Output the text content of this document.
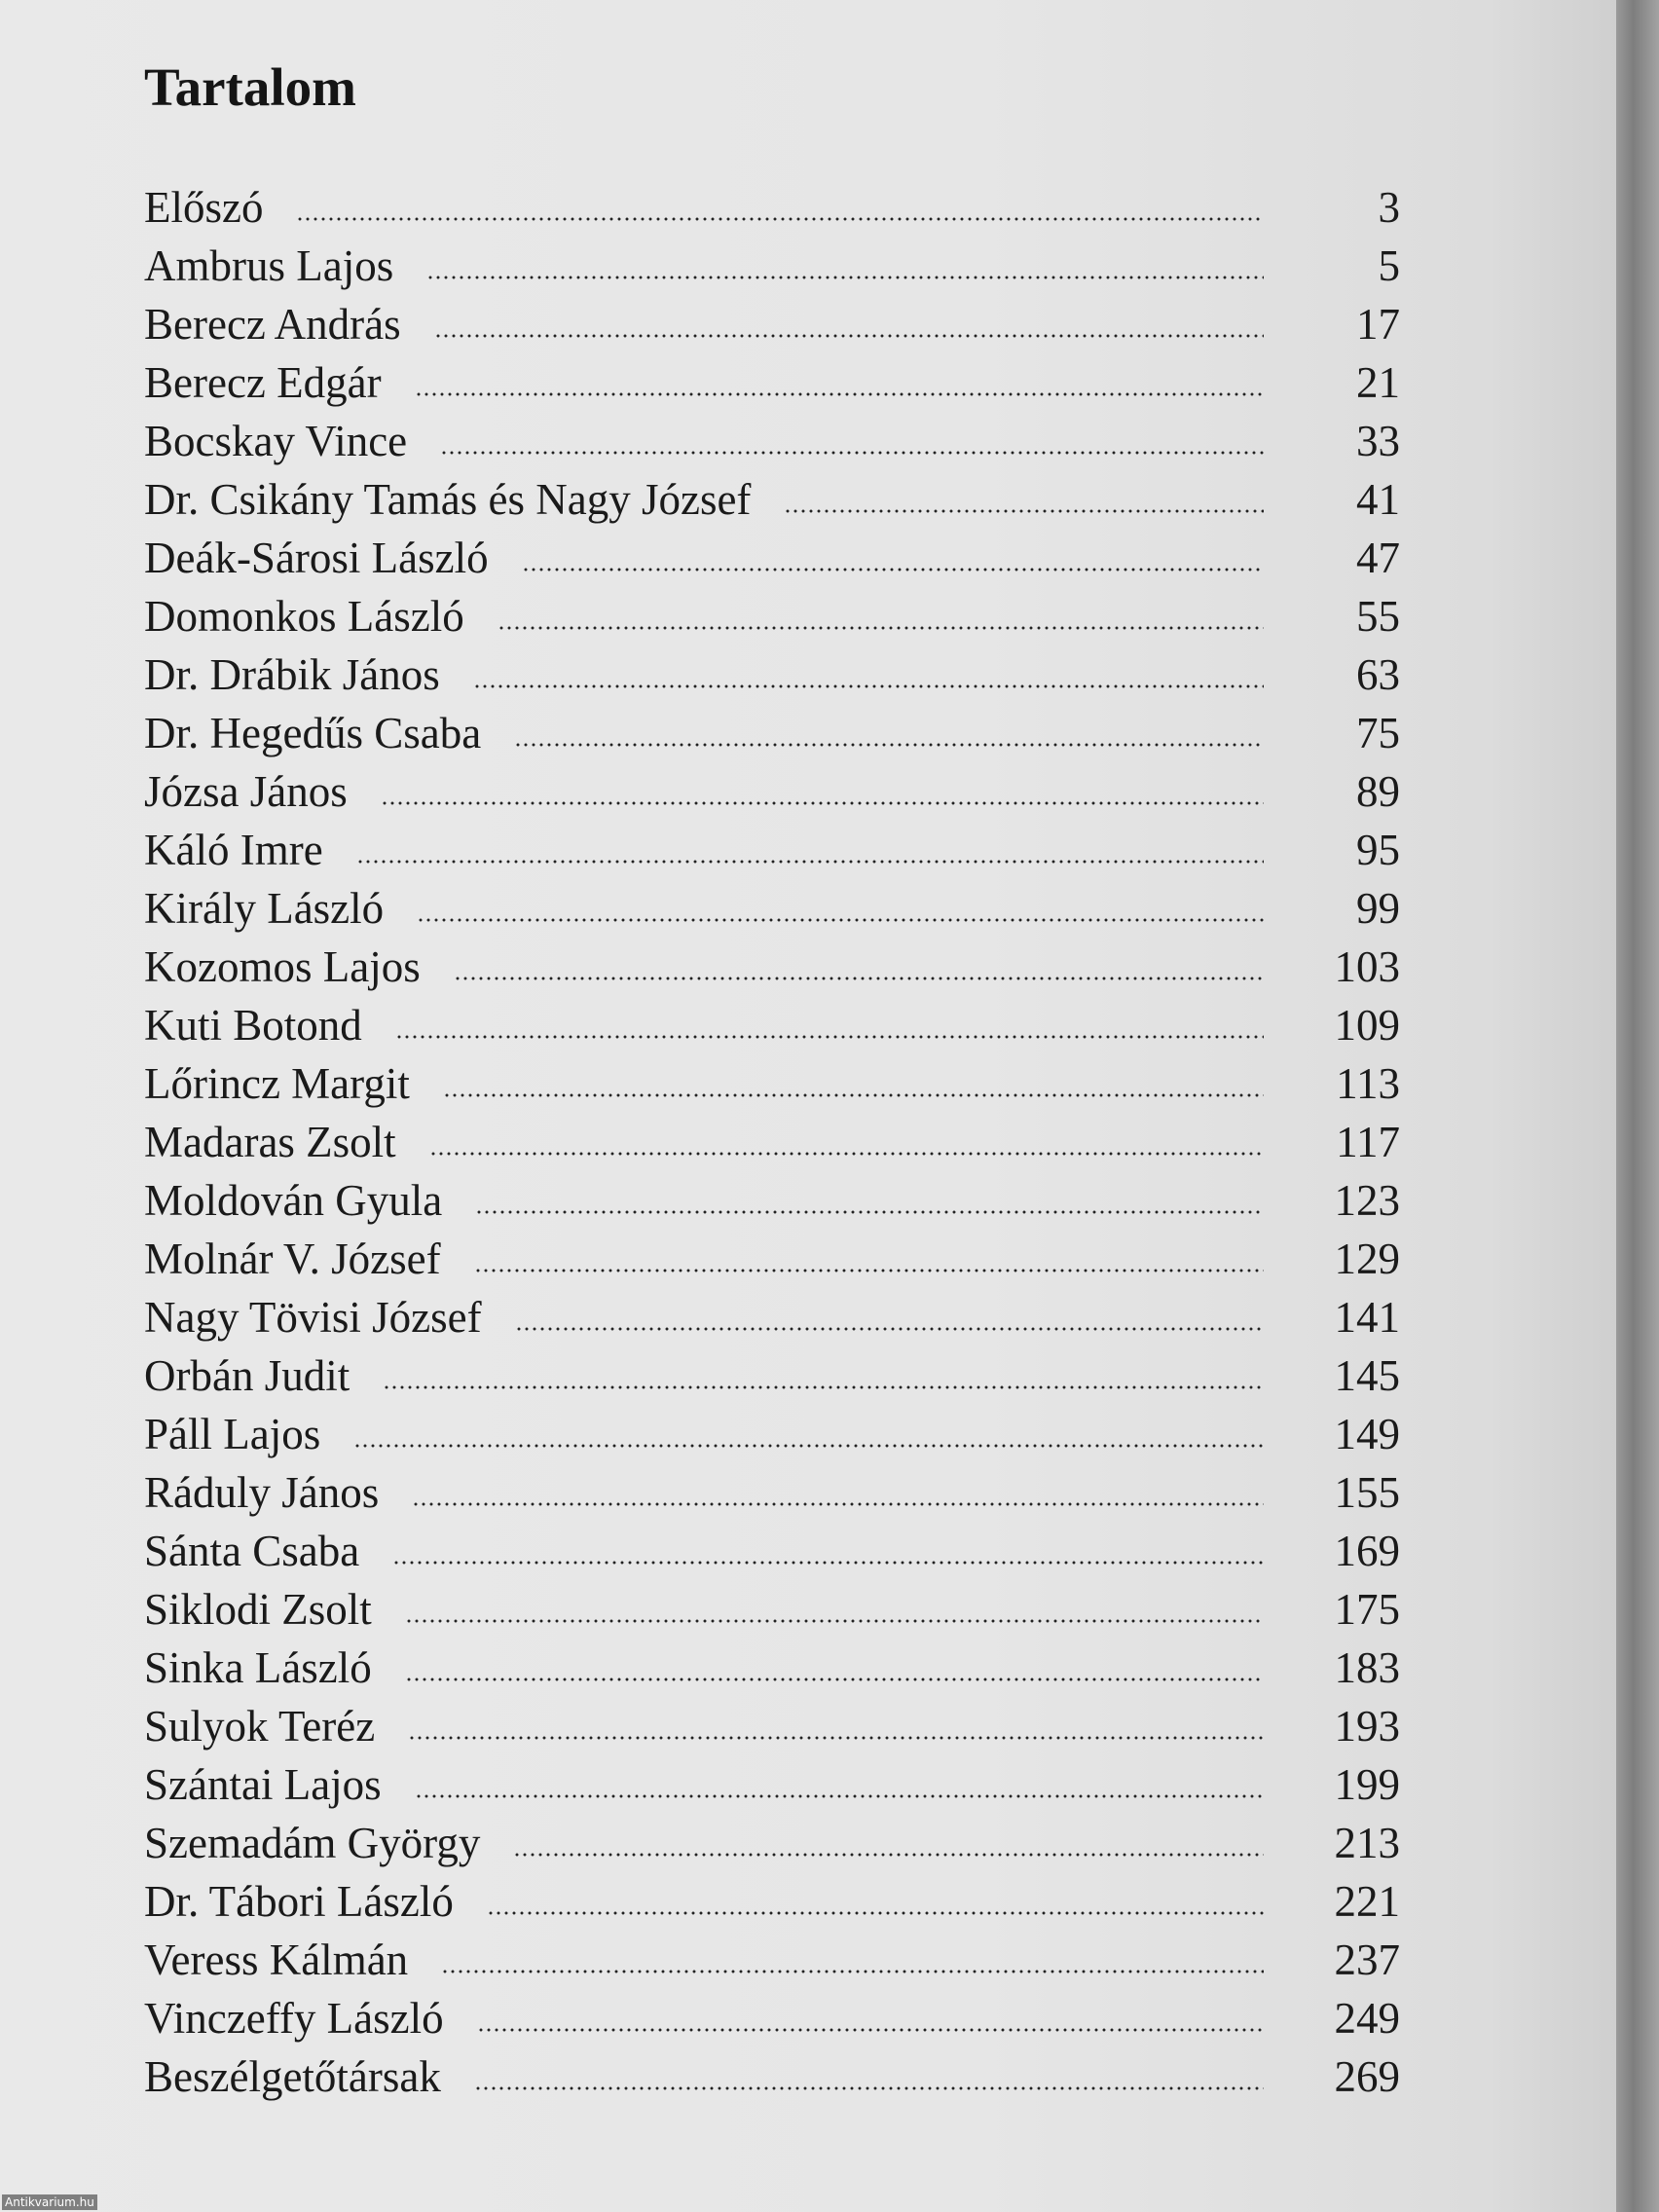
Tartalom
Előszó	3
Ambrus Lajos	5
Berecz András	17
Berecz Edgár	21
Bocskay Vince	33
Dr. Csikány Tamás és Nagy József	41
Deák-Sárosi László	47
Domonkos László	55
Dr. Drábik János	63
Dr. Hegedűs Csaba	75
Józsa János	89
Káló Imre	95
Király László	99
Kozomos Lajos	103
Kuti Botond	109
Lőrincz Margit	113
Madaras Zsolt	117
Moldován Gyula	123
Molnár V. József	129
Nagy Tövisi József	141
Orbán Judit	145
Páll Lajos	149
Ráduly János	155
Sánta Csaba	169
Siklodi Zsolt	175
Sinka László	183
Sulyok Teréz	193
Szántai Lajos	199
Szemadám György	213
Dr. Tábori László	221
Veress Kálmán	237
Vinczeffy László	249
Beszélgetőtársak	269
Antikvarium.hu
